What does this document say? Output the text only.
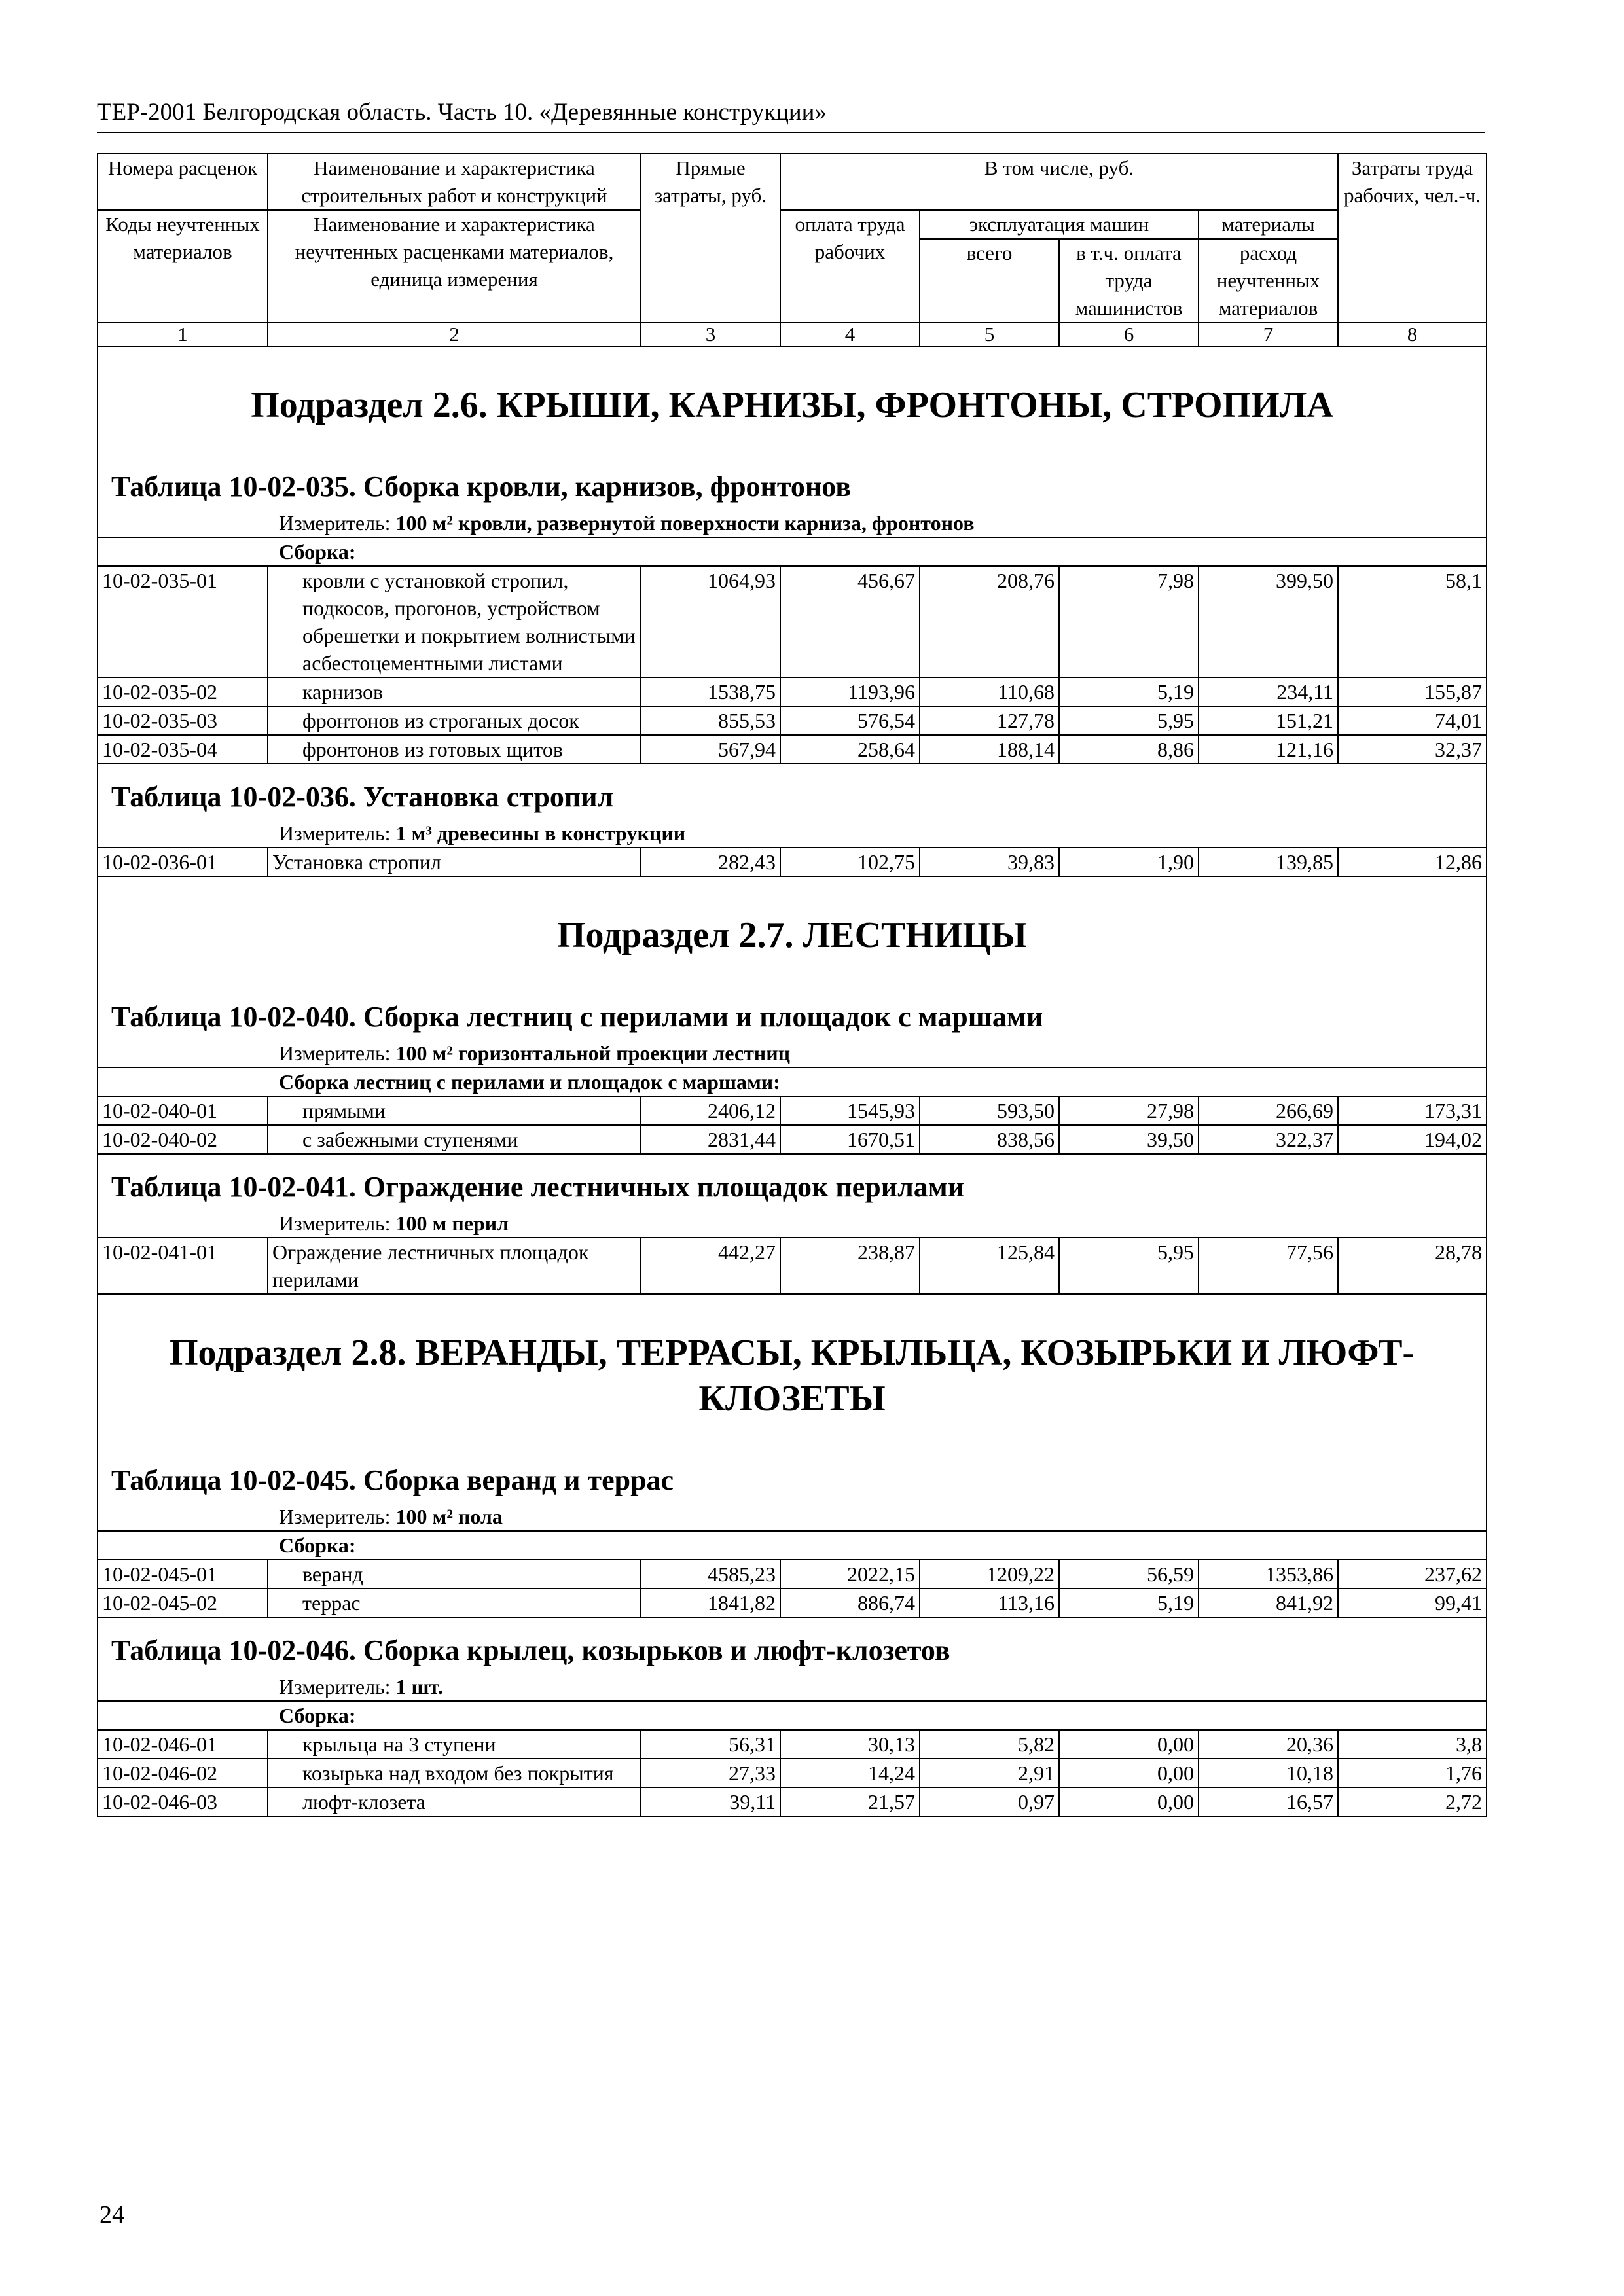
ТЕР-2001 Белгородская область. Часть 10. «Деревянные конструкции»
Номера расценок	Наименование и характеристика строительных работ и конструкций	Прямые затраты, руб.	В том числе, руб.				Затраты труда рабочих, чел.-ч.
Коды неучтенных материалов	Наименование и характеристика неучтенных расценками материалов, единица измерения		оплата труда рабочих	эксплуатация машин		материалы	
				всего	в т.ч. оплата труда машинистов	расход неучтенных материалов	
1	2	3	4	5	6	7	8
Подраздел 2.6. КРЫШИ, КАРНИЗЫ, ФРОНТОНЫ, СТРОПИЛА							
Таблица 10-02-035. Сборка кровли, карнизов, фронтонов							
Измеритель: 100 м² кровли, развернутой поверхности карниза, фронтонов							
Сборка:							
10-02-035-01	кровли с установкой стропил, подкосов, прогонов, устройством обрешетки и покрытием волнистыми асбестоцементными листами	1064,93	456,67	208,76	7,98	399,50	58,1
10-02-035-02	карнизов	1538,75	1193,96	110,68	5,19	234,11	155,87
10-02-035-03	фронтонов из строганых досок	855,53	576,54	127,78	5,95	151,21	74,01
10-02-035-04	фронтонов из готовых щитов	567,94	258,64	188,14	8,86	121,16	32,37
Таблица 10-02-036. Установка стропил							
Измеритель: 1 м³ древесины в конструкции							
10-02-036-01	Установка стропил	282,43	102,75	39,83	1,90	139,85	12,86
Подраздел 2.7. ЛЕСТНИЦЫ							
Таблица 10-02-040. Сборка лестниц с перилами и площадок с маршами							
Измеритель: 100 м² горизонтальной проекции лестниц							
Сборка лестниц с перилами и площадок с маршами:							
10-02-040-01	прямыми	2406,12	1545,93	593,50	27,98	266,69	173,31
10-02-040-02	с забежными ступенями	2831,44	1670,51	838,56	39,50	322,37	194,02
Таблица 10-02-041. Ограждение лестничных площадок перилами							
Измеритель: 100 м перил							
10-02-041-01	Ограждение лестничных площадок перилами	442,27	238,87	125,84	5,95	77,56	28,78
Подраздел 2.8. ВЕРАНДЫ, ТЕРРАСЫ, КРЫЛЬЦА, КОЗЫРЬКИ И ЛЮФТ-КЛОЗЕТЫ							
Таблица 10-02-045. Сборка веранд и террас							
Измеритель: 100 м² пола							
Сборка:							
10-02-045-01	веранд	4585,23	2022,15	1209,22	56,59	1353,86	237,62
10-02-045-02	террас	1841,82	886,74	113,16	5,19	841,92	99,41
Таблица 10-02-046. Сборка крылец, козырьков и люфт-клозетов							
Измеритель: 1 шт.							
Сборка:							
10-02-046-01	крыльца на 3 ступени	56,31	30,13	5,82	0,00	20,36	3,8
10-02-046-02	козырька над входом без покрытия	27,33	14,24	2,91	0,00	10,18	1,76
10-02-046-03	люфт-клозета	39,11	21,57	0,97	0,00	16,57	2,72
24
